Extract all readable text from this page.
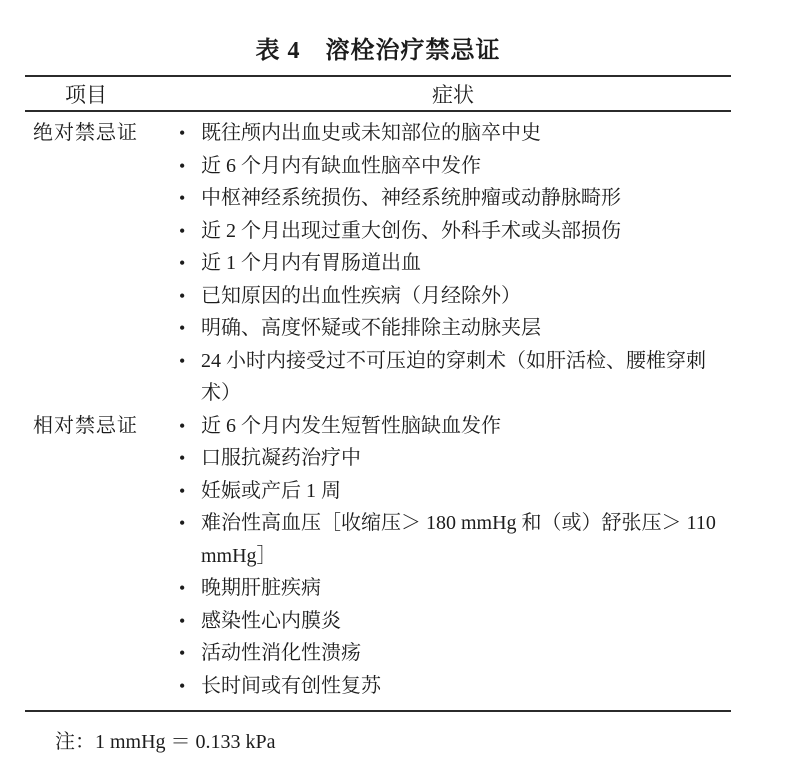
表 4　溶栓治疗禁忌证
项目	症状
绝对禁忌证	• 既往颅内出血史或未知部位的脑卒中史
• 近 6 个月内有缺血性脑卒中发作
• 中枢神经系统损伤、神经系统肿瘤或动静脉畸形
• 近 2 个月出现过重大创伤、外科手术或头部损伤
• 近 1 个月内有胃肠道出血
• 已知原因的出血性疾病（月经除外）
• 明确、高度怀疑或不能排除主动脉夹层
• 24 小时内接受过不可压迫的穿刺术（如肝活检、腰椎穿刺术）
相对禁忌证	• 近 6 个月内发生短暂性脑缺血发作
• 口服抗凝药治疗中
• 妊娠或产后 1 周
• 难治性高血压［收缩压＞ 180 mmHg 和（或）舒张压＞ 110 mmHg］
• 晚期肝脏疾病
• 感染性心内膜炎
• 活动性消化性溃疡
• 长时间或有创性复苏
注：1 mmHg ＝ 0.133 kPa
